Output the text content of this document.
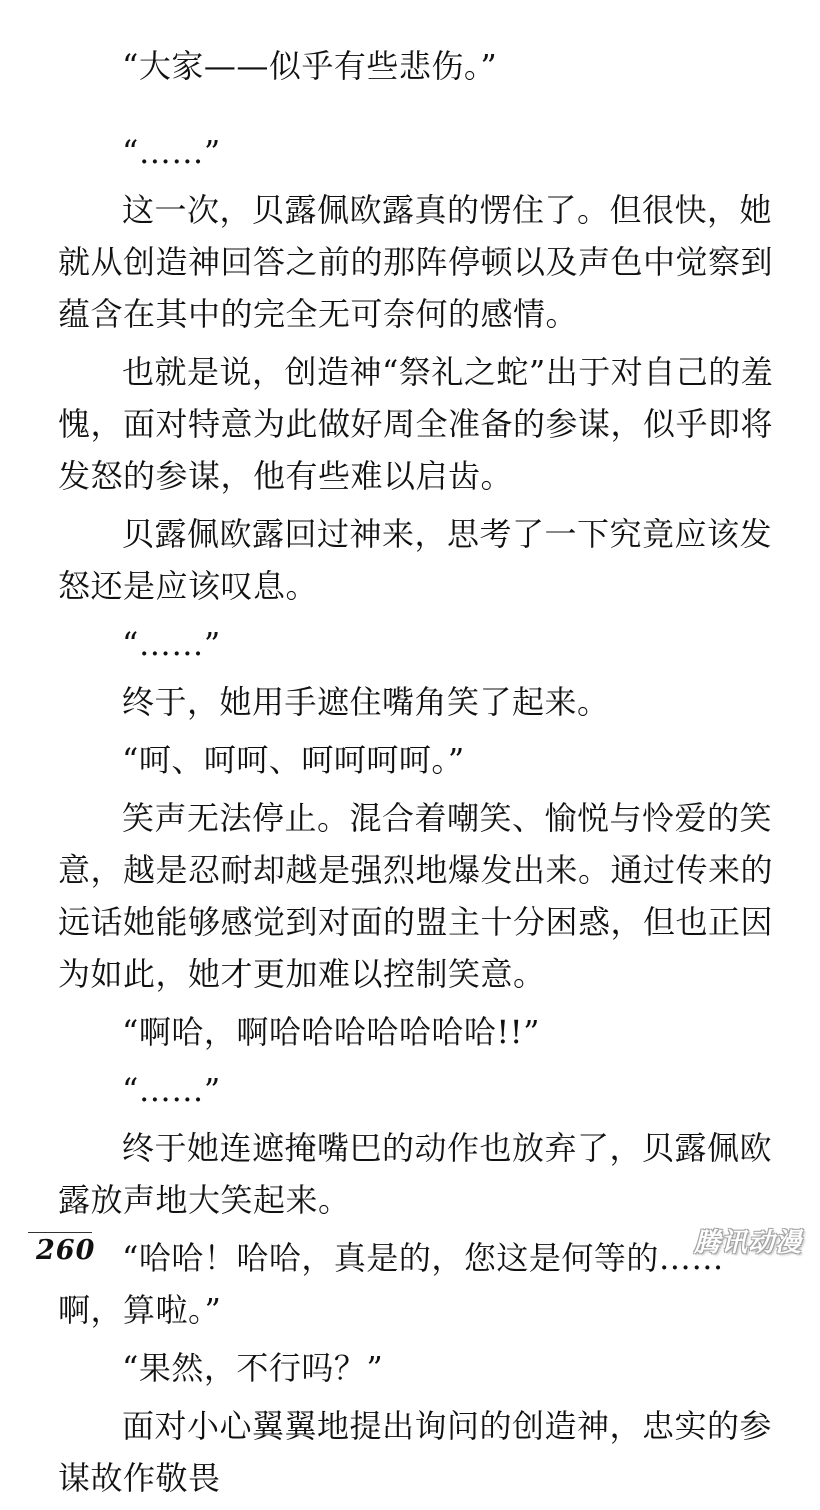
“大家——似乎有些悲伤。”

“……”

这一次，贝露佩欧露真的愣住了。但很快，她就从创造神回答之前的那阵停顿以及声色中觉察到蕴含在其中的完全无可奈何的感情。

也就是说，创造神“祭礼之蛇”出于对自己的羞愧，面对特意为此做好周全准备的参谋，似乎即将发怒的参谋，他有些难以启齿。

贝露佩欧露回过神来，思考了一下究竟应该发怒还是应该叹息。

“……”

终于，她用手遮住嘴角笑了起来。

“呵、呵呵、呵呵呵呵。”

笑声无法停止。混合着嘲笑、愉悦与怜爱的笑意，越是忍耐却越是强烈地爆发出来。通过传来的远话她能够感觉到对面的盟主十分困惑，但也正因为如此，她才更加难以控制笑意。

“啊哈，啊哈哈哈哈哈哈哈!!”

“……”

终于她连遮掩嘴巴的动作也放弃了，贝露佩欧露放声地大笑起来。

“哈哈！哈哈，真是的，您这是何等的……啊，算啦。”

“果然，不行吗？”

面对小心翼翼地提出询问的创造神，忠实的参谋故作敬畏

260	腾讯动漫
